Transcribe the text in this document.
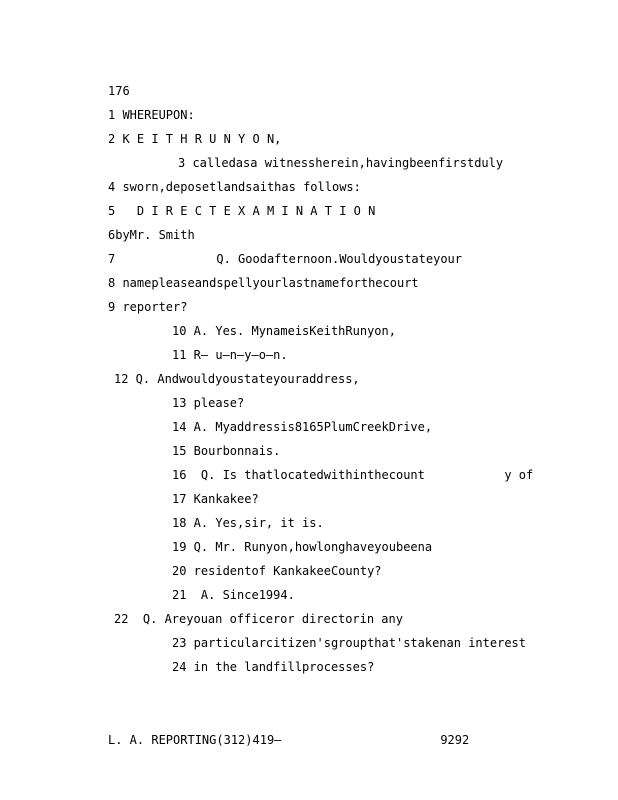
176
1 WHEREUPON:
2 K E I T H R U N Y O N,
3 calledasa witnessherein,havingbeenfirstduly
4 sworn,deposetlandsaithas follows:
5   D I R E C T E X A M I N A T I O N
6byMr. Smith
7              Q. Goodafternoon.Wouldyoustateyour
8 namepleaseandspellyourlastnameforthecourt
9 reporter?
10 A. Yes. MynameisKeithRunyon,
11 R– u–n–y–o–n.
12 Q. Andwouldyoustateyouraddress,
13 please?
14 A. Myaddressis8165PlumCreekDrive,
15 Bourbonnais.
16  Q. Is thatlocatedwithinthecount           y of
17 Kankakee?
18 A. Yes,sir, it is.
19 Q. Mr. Runyon,howlonghaveyoubeena
20 residentof KankakeeCounty?
21  A. Since1994.
22  Q. Areyouan officeror directorin any
23 particularcitizen'sgroupthat'stakenan interest
24 in the landfillprocesses?
L. A. REPORTING(312)419–                      9292
